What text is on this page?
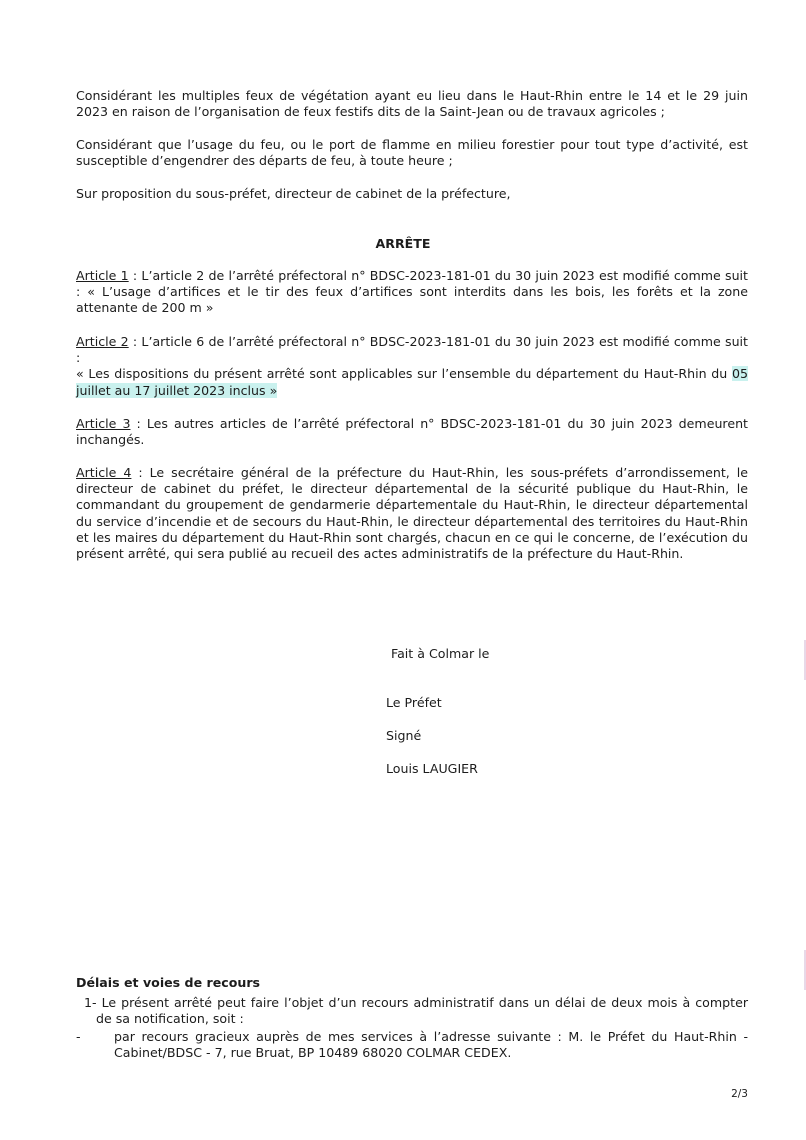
Considérant les multiples feux de végétation ayant eu lieu dans le Haut-Rhin entre le 14 et le 29 juin 2023 en raison de l’organisation de feux festifs dits de la Saint-Jean ou de travaux agricoles ;

Considérant que l’usage du feu, ou le port de flamme en milieu forestier pour tout type d’activité, est susceptible d’engendrer des départs de feu, à toute heure ;

Sur proposition du sous-préfet, directeur de cabinet de la préfecture,

ARRÊTE

Article 1 : L’article 2 de l’arrêté préfectoral n° BDSC-2023-181-01 du 30 juin 2023 est modifié comme suit : « L’usage d’artifices et le tir des feux d’artifices sont interdits dans les bois, les forêts et la zone attenante de 200 m »

Article 2 : L’article 6 de l’arrêté préfectoral n° BDSC-2023-181-01 du 30 juin 2023 est modifié comme suit :

« Les dispositions du présent arrêté sont applicables sur l’ensemble du département du Haut-Rhin du 05 juillet au 17 juillet 2023 inclus »

Article 3 : Les autres articles de l’arrêté préfectoral n° BDSC-2023-181-01 du 30 juin 2023 demeurent inchangés.

Article 4 : Le secrétaire général de la préfecture du Haut-Rhin, les sous-préfets d’arrondissement, le directeur de cabinet du préfet, le directeur départemental de la sécurité publique du Haut-Rhin, le commandant du groupement de gendarmerie départementale du Haut-Rhin, le directeur départemental du service d’incendie et de secours du Haut-Rhin, le directeur départemental des territoires du Haut-Rhin et les maires du département du Haut-Rhin sont chargés, chacun en ce qui le concerne, de l’exécution du présent arrêté, qui sera publié au recueil des actes administratifs de la préfecture du Haut-Rhin.

Fait à Colmar le
Le Préfet
Signé
Louis LAUGIER

Délais et voies de recours

1- Le présent arrêté peut faire l’objet d’un recours administratif dans un délai de deux mois à compter de sa notification, soit :

-	par recours gracieux auprès de mes services à l’adresse suivante : M. le Préfet du Haut-Rhin - Cabinet/BDSC - 7, rue Bruat, BP 10489 68020 COLMAR CEDEX.

2/3
